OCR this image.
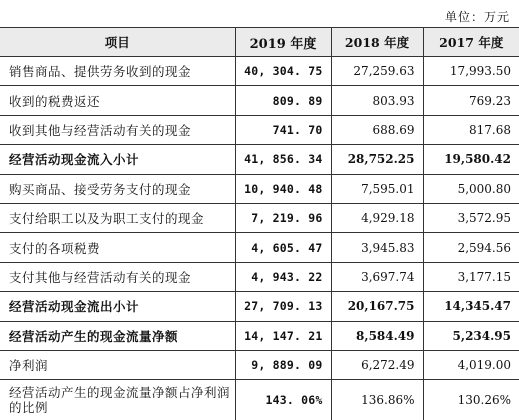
单位：万元
项目	2019 年度	2018 年度	2017 年度
销售商品、提供劳务收到的现金	40, 304. 75	27,259.63	17,993.50
收到的税费返还	809. 89	803.93	769.23
收到其他与经营活动有关的现金	741. 70	688.69	817.68
经营活动现金流入小计	41, 856. 34	28,752.25	19,580.42
购买商品、接受劳务支付的现金	10, 940. 48	7,595.01	5,000.80
支付给职工以及为职工支付的现金	7, 219. 96	4,929.18	3,572.95
支付的各项税费	4, 605. 47	3,945.83	2,594.56
支付其他与经营活动有关的现金	4, 943. 22	3,697.74	3,177.15
经营活动现金流出小计	27, 709. 13	20,167.75	14,345.47
经营活动产生的现金流量净额	14, 147. 21	8,584.49	5,234.95
净利润	9, 889. 09	6,272.49	4,019.00
经营活动产生的现金流量净额占净利润的比例	143. 06%	136.86%	130.26%
